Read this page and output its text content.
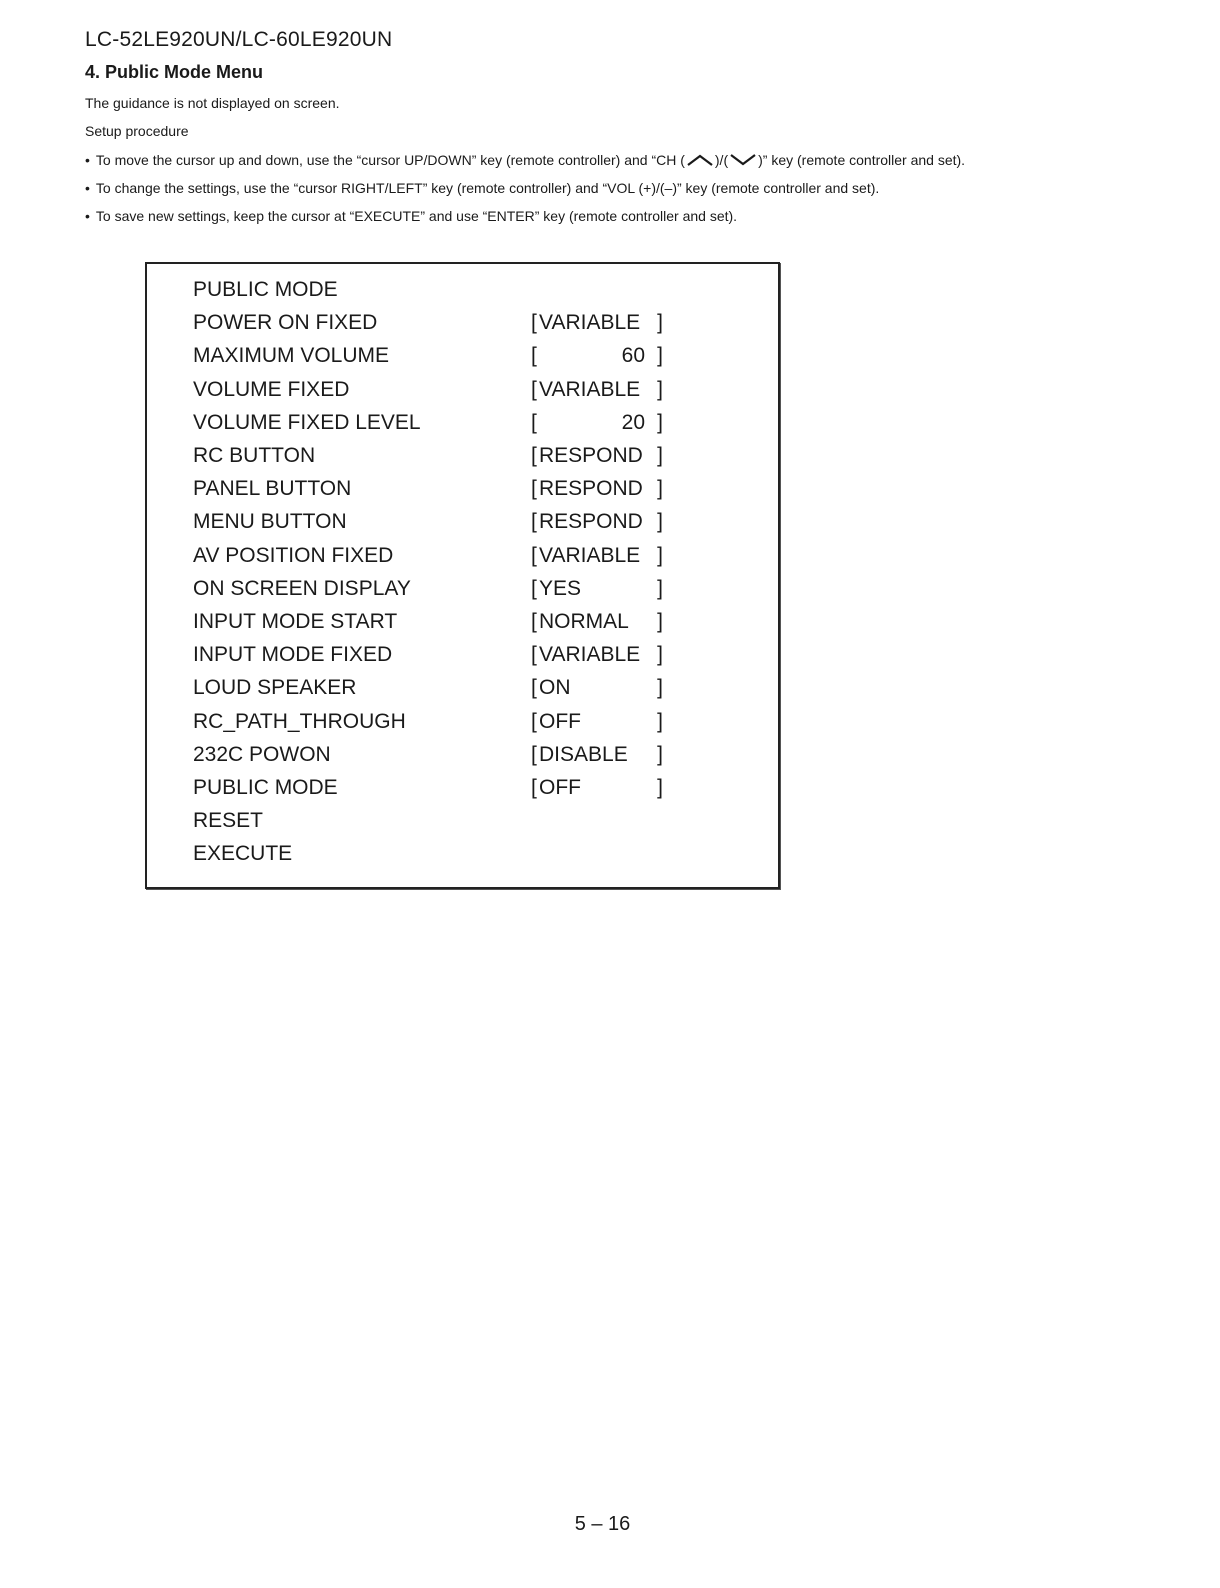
LC-52LE920UN/LC-60LE920UN
4. Public Mode Menu
The guidance is not displayed on screen.
Setup procedure
• To move the cursor up and down, use the “cursor UP/DOWN” key (remote controller) and “CH ( )/( )” key (remote controller and set).
• To change the settings, use the “cursor RIGHT/LEFT” key (remote controller) and “VOL (+)/(–)” key (remote controller and set).
• To save new settings, keep the cursor at “EXECUTE” and use “ENTER” key (remote controller and set).
PUBLIC MODE
POWER ON FIXED	[ VARIABLE ]
MAXIMUM VOLUME	[	60 ]
VOLUME FIXED	[ VARIABLE ]
VOLUME FIXED LEVEL	[	20 ]
RC BUTTON	[ RESPOND ]
PANEL BUTTON	[ RESPOND ]
MENU BUTTON	[ RESPOND ]
AV POSITION FIXED	[ VARIABLE ]
ON SCREEN DISPLAY	[ YES	]
INPUT MODE START	[ NORMAL ]
INPUT MODE FIXED	[ VARIABLE ]
LOUD SPEAKER	[ ON	]
RC_PATH_THROUGH	[ OFF	]
232C POWON	[ DISABLE ]
PUBLIC MODE	[ OFF	]
RESET
EXECUTE
5 – 16
